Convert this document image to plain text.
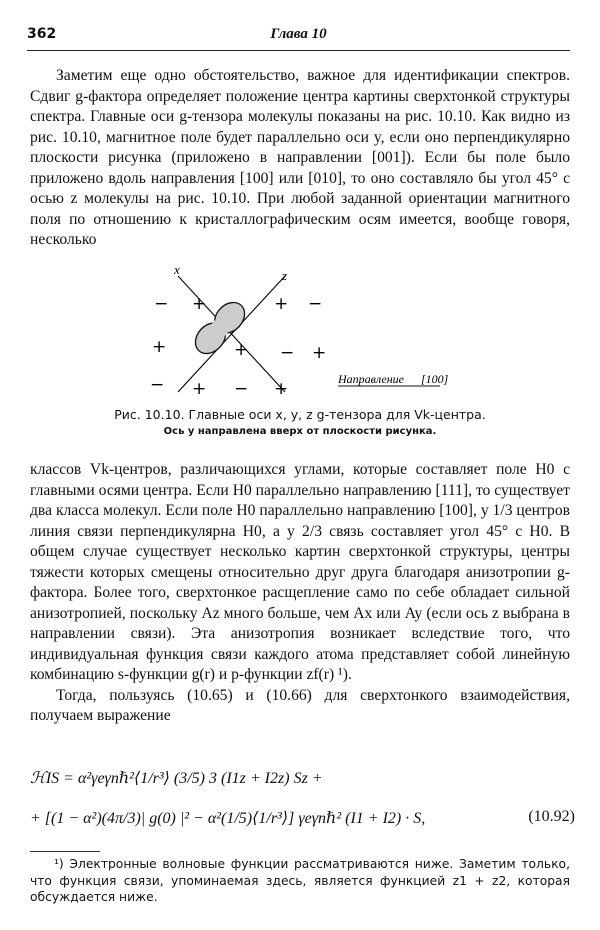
362	Глава 10

Заметим еще одно обстоятельство, важное для идентификации спектров. Сдвиг g-фактора определяет положение центра картины сверхтонкой структуры спектра. Главные оси g-тензора молекулы показаны на рис. 10.10. Как видно из рис. 10.10, магнитное поле будет параллельно оси y, если оно перпендикулярно плоскости рисунка (приложено в направлении [001]). Если бы поле было приложено вдоль направления [100] или [010], то оно составляло бы угол 45° с осью z молекулы на рис. 10.10. При любой заданной ориентации магнитного поля по отношению к кристаллографическим осям имеется, вообще говоря, несколько

x	z
− +	+ −
+	+ − +
− + − +	Направление [100]
Рис. 10.10. Главные оси x, y, z g-тензора для Vk-центра.
Ось y направлена вверх от плоскости рисунка.

классов Vk-центров, различающихся углами, которые составляет поле H0 с главными осями центра. Если H0 параллельно направлению [111], то существует два класса молекул. Если поле H0 параллельно направлению [100], у 1/3 центров линия связи перпендикулярна H0, а у 2/3 связь составляет угол 45° с H0. В общем случае существует несколько картин сверхтонкой структуры, центры тяжести которых смещены относительно друг друга благодаря анизотропии g-фактора. Более того, сверхтонкое расщепление само по себе обладает сильной анизотропией, поскольку Az много больше, чем Ax или Ay (если ось z выбрана в направлении связи). Эта анизотропия возникает вследствие того, что индивидуальная функция связи каждого атома представляет собой линейную комбинацию s-функции g(r) и p-функции zf(r) ¹).

Тогда, пользуясь (10.65) и (10.66) для сверхтонкого взаимодействия, получаем выражение

ℋIS = α²γeγnℏ²⟨1/r³⟩ (3/5) 3 (I1z + I2z) Sz +
+ [(1 − α²)(4π/3)| g(0) |² − α²(1/5)⟨1/r³⟩] γeγnℏ² (I1 + I2) · S,	(10.92)

¹) Электронные волновые функции рассматриваются ниже. Заметим только, что функция связи, упоминаемая здесь, является функцией z1 + z2, которая обсуждается ниже.
